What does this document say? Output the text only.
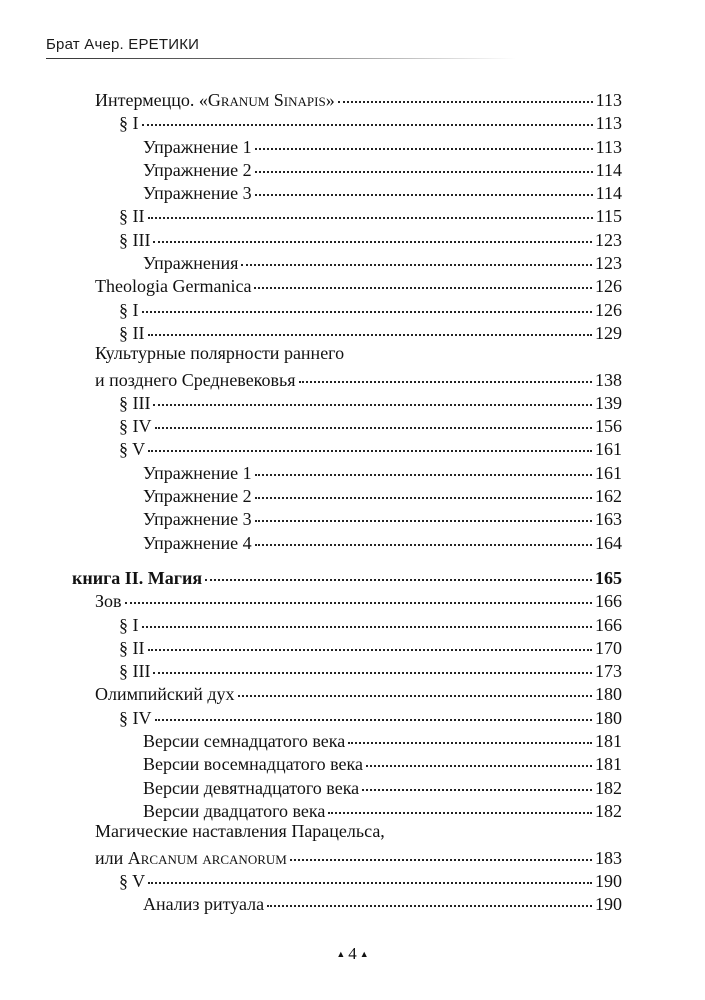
Брат Ачер. ЕРЕТИКИ
Интермеццо. «Granum Sinapis»	113
§ I	113
Упражнение 1	113
Упражнение 2	114
Упражнение 3	114
§ II	115
§ III	123
Упражнения	123
Theologia Germanica	126
§ I	126
§ II	129
Культурные полярности раннего
и позднего Средневековья	138
§ III	139
§ IV	156
§ V	161
Упражнение 1	161
Упражнение 2	162
Упражнение 3	163
Упражнение 4	164
книга II. Магия	165
Зов	166
§ I	166
§ II	170
§ III	173
Олимпийский дух	180
§ IV	180
Версии семнадцатого века	181
Версии восемнадцатого века	181
Версии девятнадцатого века	182
Версии двадцатого века	182
Магические наставления Парацельса,
или Arcanum arcanorum	183
§ V	190
Анализ ритуала	190
▲ 4 ▲
